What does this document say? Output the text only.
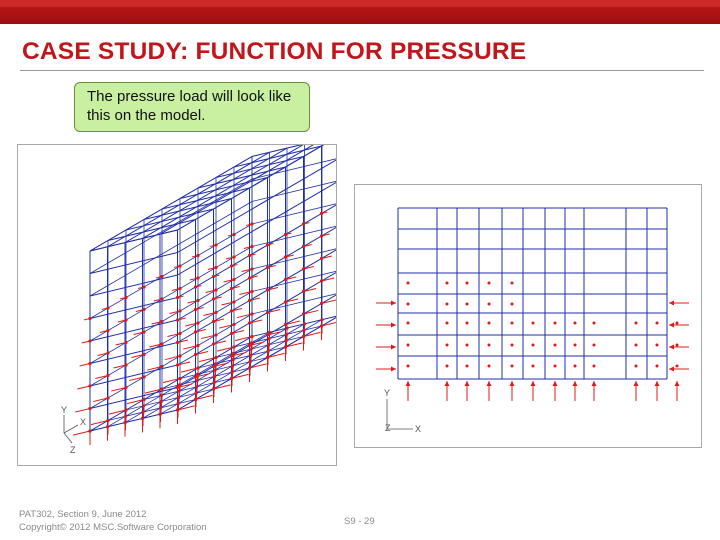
CASE STUDY: FUNCTION FOR PRESSURE
The pressure load will look like this on the model.
X
Y
Z
Y
X
Z
PAT302, Section 9, June 2012
Copyright© 2012 MSC.Software Corporation
S9 - 29
